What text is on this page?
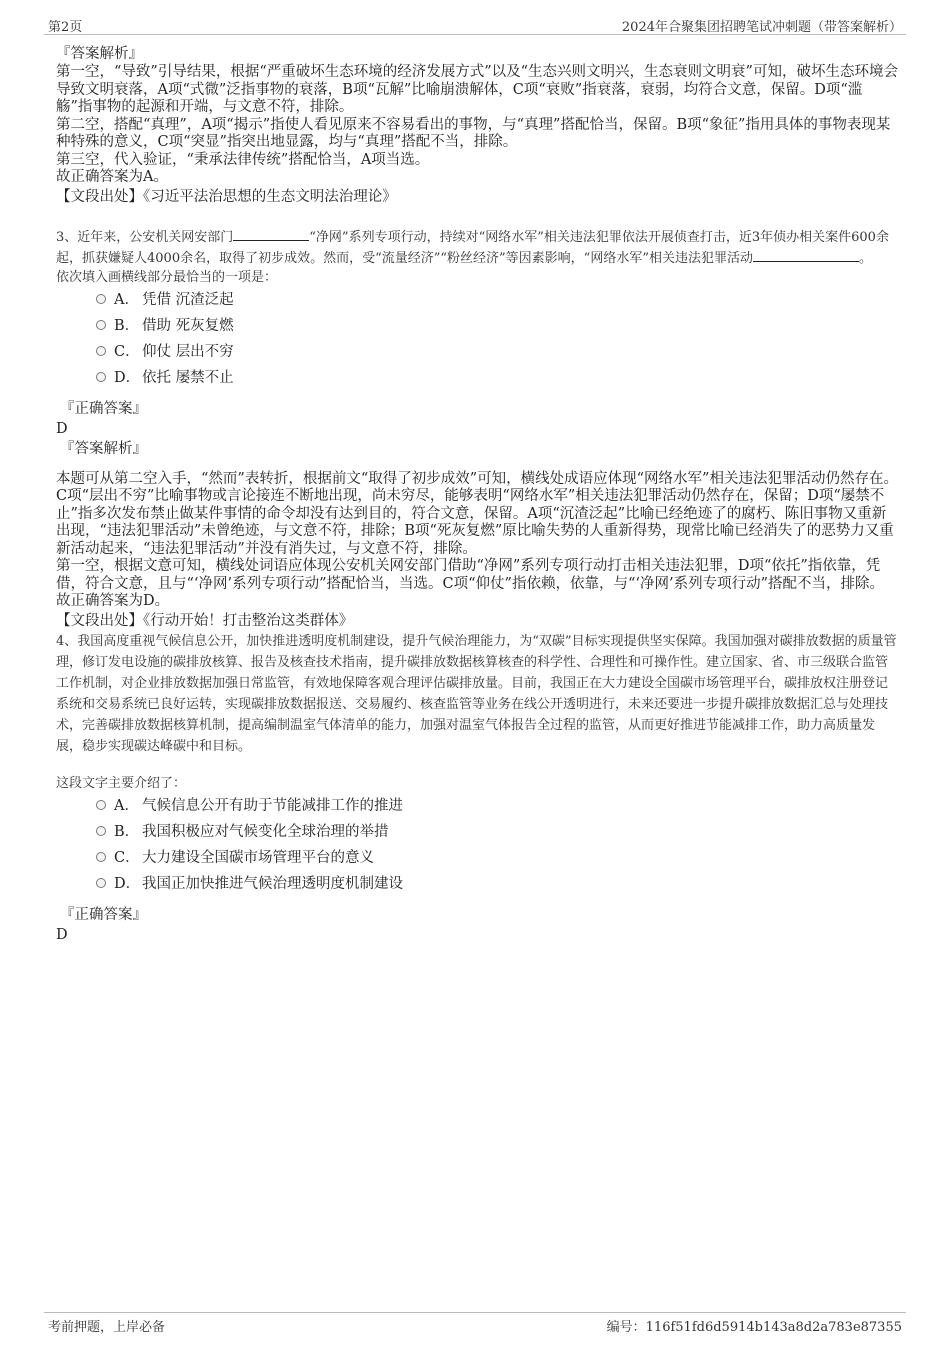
第2页	2024年合聚集团招聘笔试冲刺题（带答案解析）

『答案解析』

第一空，“导致”引导结果，根据“严重破坏生态环境的经济发展方式”以及“生态兴则文明兴，生态衰则文明衰”可知，破坏生态环境会导致文明衰落，A项“式微”泛指事物的衰落，B项“瓦解”比喻崩溃解体，C项“衰败”指衰落，衰弱，均符合文意，保留。D项“滥觞”指事物的起源和开端，与文意不符，排除。

第二空，搭配“真理”，A项“揭示”指使人看见原来不容易看出的事物，与“真理”搭配恰当，保留。B项“象征”指用具体的事物表现某种特殊的意义，C项“突显”指突出地显露，均与“真理”搭配不当，排除。

第三空，代入验证，“秉承法律传统”搭配恰当，A项当选。

故正确答案为A。

【文段出处】《习近平法治思想的生态文明法治理论》

3、近年来，公安机关网安部门	“净网”系列专项行动，持续对“网络水军”相关违法犯罪依法开展侦查打击，近3年侦办相关案件600余起，抓获嫌疑人4000余名，取得了初步成效。然而，受“流量经济”“粉丝经济”等因素影响，“网络水军”相关违法犯罪活动	。

依次填入画横线部分最恰当的一项是：

A． 凭借 沉渣泛起
B． 借助 死灰复燃
C． 仰仗 层出不穷
D． 依托 屡禁不止

『正确答案』

D

『答案解析』

本题可从第二空入手，“然而”表转折，根据前文“取得了初步成效”可知，横线处成语应体现“网络水军”相关违法犯罪活动仍然存在。C项“层出不穷”比喻事物或言论接连不断地出现，尚未穷尽，能够表明“网络水军”相关违法犯罪活动仍然存在，保留；D项“屡禁不止”指多次发布禁止做某件事情的命令却没有达到目的，符合文意，保留。A项“沉渣泛起”比喻已经绝迹了的腐朽、陈旧事物又重新出现，“违法犯罪活动”未曾绝迹，与文意不符，排除；B项“死灰复燃”原比喻失势的人重新得势，现常比喻已经消失了的恶势力又重新活动起来，“违法犯罪活动”并没有消失过，与文意不符，排除。

第一空，根据文意可知，横线处词语应体现公安机关网安部门借助“净网”系列专项行动打击相关违法犯罪，D项“依托”指依靠，凭借，符合文意，且与“‘净网’系列专项行动”搭配恰当，当选。C项“仰仗”指依赖，依靠，与“‘净网’系列专项行动”搭配不当，排除。

故正确答案为D。

【文段出处】《行动开始！打击整治这类群体》

4、我国高度重视气候信息公开，加快推进透明度机制建设，提升气候治理能力，为“双碳”目标实现提供坚实保障。我国加强对碳排放数据的质量管理，修订发电设施的碳排放核算、报告及核查技术指南，提升碳排放数据核算核查的科学性、合理性和可操作性。建立国家、省、市三级联合监管工作机制，对企业排放数据加强日常监管，有效地保障客观合理评估碳排放量。目前，我国正在大力建设全国碳市场管理平台，碳排放权注册登记系统和交易系统已良好运转，实现碳排放数据报送、交易履约、核查监管等业务在线公开透明进行，未来还要进一步提升碳排放数据汇总与处理技术，完善碳排放数据核算机制，提高编制温室气体清单的能力，加强对温室气体报告全过程的监管，从而更好推进节能减排工作，助力高质量发展，稳步实现碳达峰碳中和目标。

这段文字主要介绍了：

A． 气候信息公开有助于节能减排工作的推进
B． 我国积极应对气候变化全球治理的举措
C． 大力建设全国碳市场管理平台的意义
D． 我国正加快推进气候治理透明度机制建设

『正确答案』

D

考前押题，上岸必备	编号：116f51fd6d5914b143a8d2a783e87355
